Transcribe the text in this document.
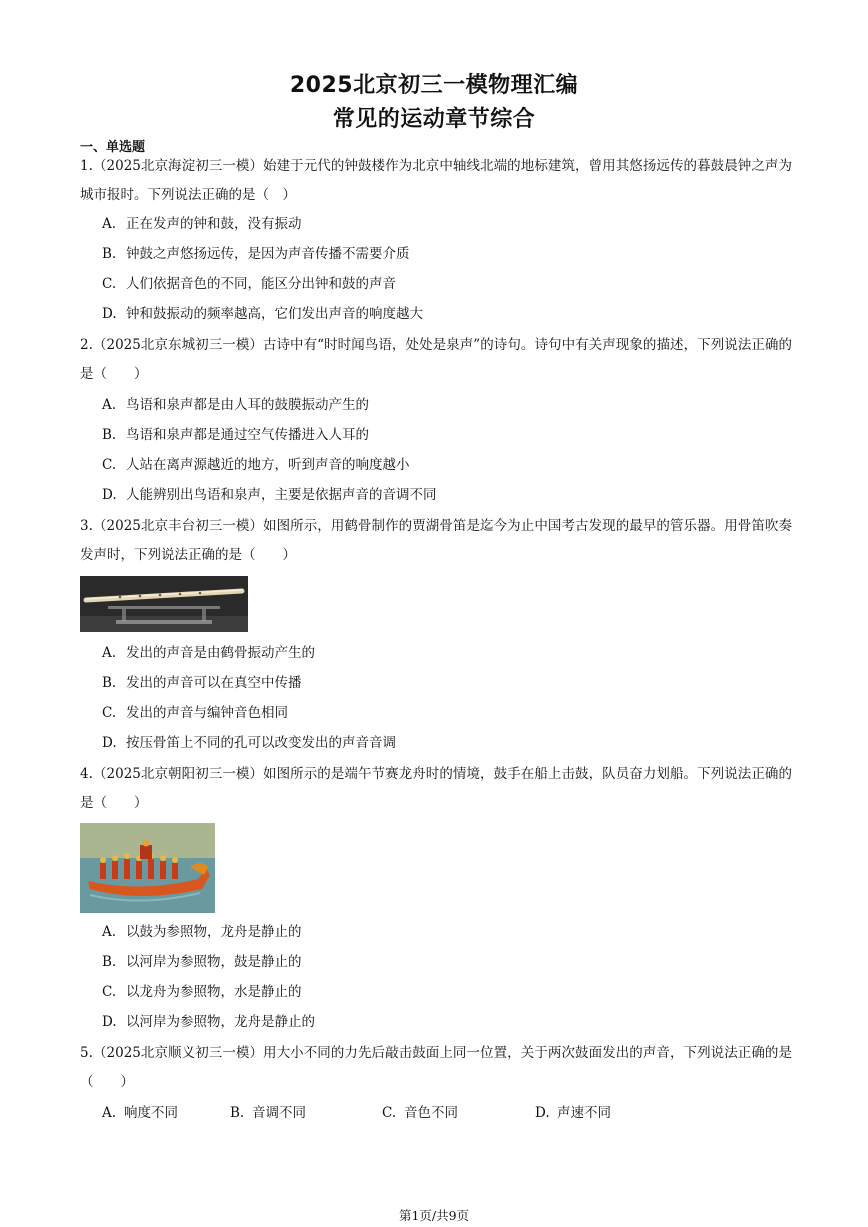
2025北京初三一模物理汇编
常见的运动章节综合
一、单选题
1.（2025北京海淀初三一模）始建于元代的钟鼓楼作为北京中轴线北端的地标建筑，曾用其悠扬远传的暮鼓晨钟之声为城市报时。下列说法正确的是（　）
A. 正在发声的钟和鼓，没有振动
B. 钟鼓之声悠扬远传，是因为声音传播不需要介质
C. 人们依据音色的不同，能区分出钟和鼓的声音
D. 钟和鼓振动的频率越高，它们发出声音的响度越大
2.（2025北京东城初三一模）古诗中有“时时闻鸟语，处处是泉声”的诗句。诗句中有关声现象的描述，下列说法正确的是（　　）
A. 鸟语和泉声都是由人耳的鼓膜振动产生的
B. 鸟语和泉声都是通过空气传播进入人耳的
C. 人站在离声源越近的地方，听到声音的响度越小
D. 人能辨别出鸟语和泉声，主要是依据声音的音调不同
3.（2025北京丰台初三一模）如图所示，用鹤骨制作的贾湖骨笛是迄今为止中国考古发现的最早的管乐器。用骨笛吹奏发声时，下列说法正确的是（　　）
A. 发出的声音是由鹤骨振动产生的
B. 发出的声音可以在真空中传播
C. 发出的声音与编钟音色相同
D. 按压骨笛上不同的孔可以改变发出的声音音调
4.（2025北京朝阳初三一模）如图所示的是端午节赛龙舟时的情境，鼓手在船上击鼓，队员奋力划船。下列说法正确的是（　　）
A. 以鼓为参照物，龙舟是静止的
B. 以河岸为参照物，鼓是静止的
C. 以龙舟为参照物，水是静止的
D. 以河岸为参照物，龙舟是静止的
5.（2025北京顺义初三一模）用大小不同的力先后敲击鼓面上同一位置，关于两次鼓面发出的声音，下列说法正确的是（　　）
A. 响度不同	B. 音调不同	C. 音色不同	D. 声速不同
第1页/共9页
